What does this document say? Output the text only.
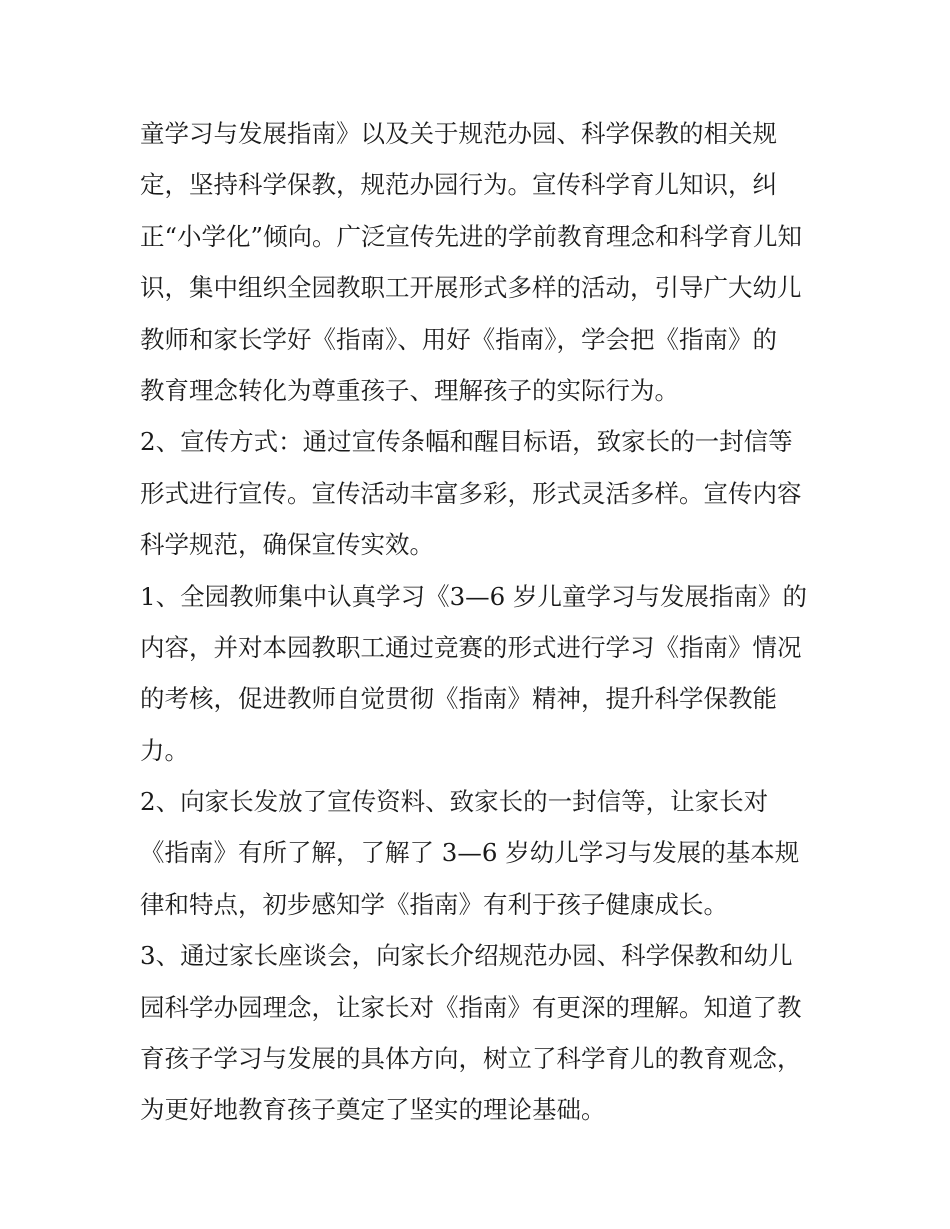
童学习与发展指南》以及关于规范办园、科学保教的相关规
定，坚持科学保教，规范办园行为。宣传科学育儿知识，纠
正“小学化”倾向。广泛宣传先进的学前教育理念和科学育儿知
识，集中组织全园教职工开展形式多样的活动，引导广大幼儿
教师和家长学好《指南》、用好《指南》，学会把《指南》的
教育理念转化为尊重孩子、理解孩子的实际行为。
2、宣传方式：通过宣传条幅和醒目标语，致家长的一封信等
形式进行宣传。宣传活动丰富多彩，形式灵活多样。宣传内容
科学规范，确保宣传实效。
1、全园教师集中认真学习《3—6 岁儿童学习与发展指南》的
内容，并对本园教职工通过竞赛的形式进行学习《指南》情况
的考核，促进教师自觉贯彻《指南》精神，提升科学保教能
力。
2、向家长发放了宣传资料、致家长的一封信等，让家长对
《指南》有所了解，了解了 3—6 岁幼儿学习与发展的基本规
律和特点，初步感知学《指南》有利于孩子健康成长。
3、通过家长座谈会，向家长介绍规范办园、科学保教和幼儿
园科学办园理念，让家长对《指南》有更深的理解。知道了教
育孩子学习与发展的具体方向，树立了科学育儿的教育观念，
为更好地教育孩子奠定了坚实的理论基础。
